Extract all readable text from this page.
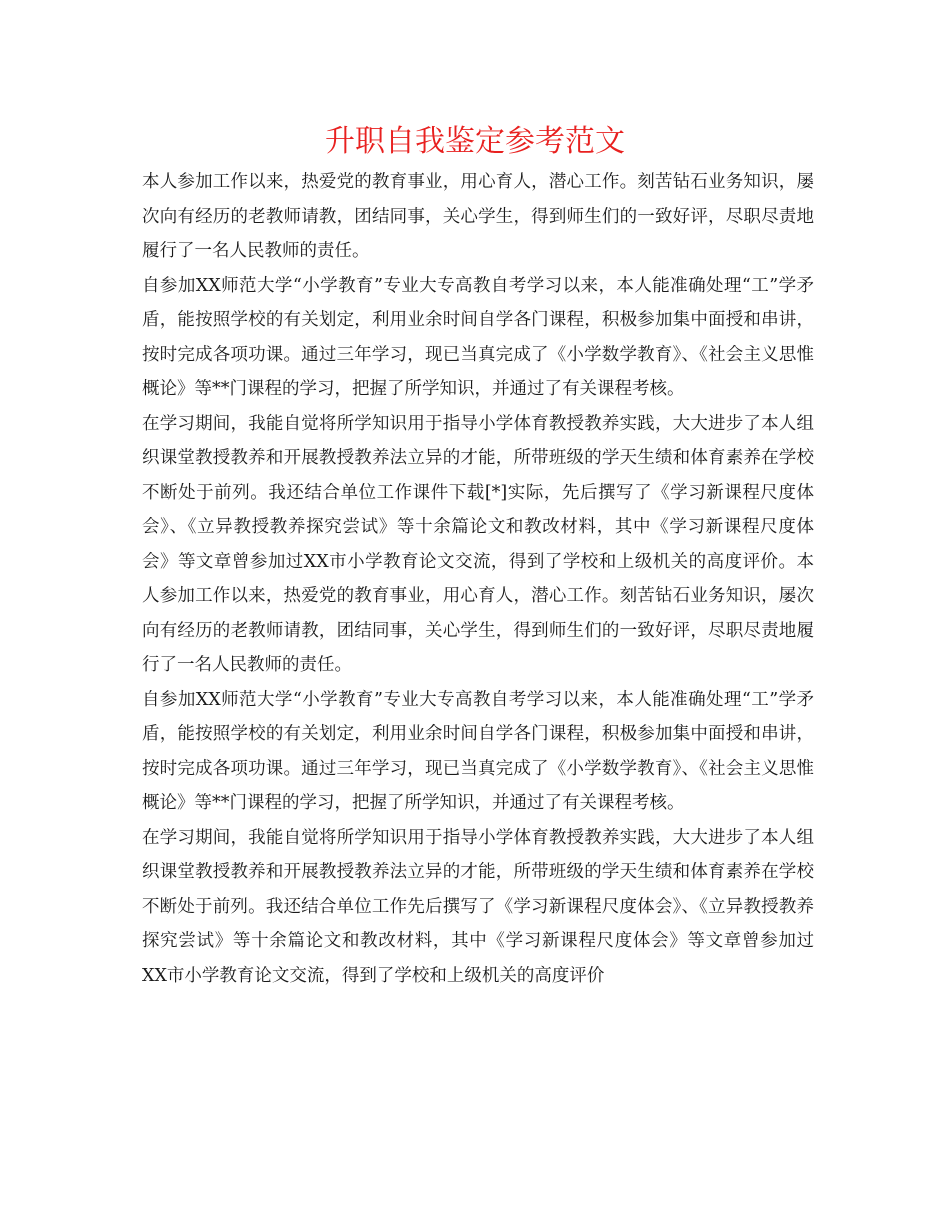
升职自我鉴定参考范文

本人参加工作以来，热爱党的教育事业，用心育人，潜心工作。刻苦钻石业务知识，屡次向有经历的老教师请教，团结同事，关心学生，得到师生们的一致好评，尽职尽责地履行了一名人民教师的责任。

自参加XX师范大学“小学教育”专业大专高教自考学习以来，本人能准确处理“工”学矛盾，能按照学校的有关划定，利用业余时间自学各门课程，积极参加集中面授和串讲，按时完成各项功课。通过三年学习，现已当真完成了《小学数学教育》、《社会主义思惟概论》等**门课程的学习，把握了所学知识，并通过了有关课程考核。

在学习期间，我能自觉将所学知识用于指导小学体育教授教养实践，大大进步了本人组织课堂教授教养和开展教授教养法立异的才能，所带班级的学天生绩和体育素养在学校不断处于前列。我还结合单位工作课件下载[*]实际，先后撰写了《学习新课程尺度体会》、《立异教授教养探究尝试》等十余篇论文和教改材料，其中《学习新课程尺度体会》等文章曾参加过XX市小学教育论文交流，得到了学校和上级机关的高度评价。本人参加工作以来，热爱党的教育事业，用心育人，潜心工作。刻苦钻石业务知识，屡次向有经历的老教师请教，团结同事，关心学生，得到师生们的一致好评，尽职尽责地履行了一名人民教师的责任。

自参加XX师范大学“小学教育”专业大专高教自考学习以来，本人能准确处理“工”学矛盾，能按照学校的有关划定，利用业余时间自学各门课程，积极参加集中面授和串讲，按时完成各项功课。通过三年学习，现已当真完成了《小学数学教育》、《社会主义思惟概论》等**门课程的学习，把握了所学知识，并通过了有关课程考核。

在学习期间，我能自觉将所学知识用于指导小学体育教授教养实践，大大进步了本人组织课堂教授教养和开展教授教养法立异的才能，所带班级的学天生绩和体育素养在学校不断处于前列。我还结合单位工作先后撰写了《学习新课程尺度体会》、《立异教授教养探究尝试》等十余篇论文和教改材料，其中《学习新课程尺度体会》等文章曾参加过XX市小学教育论文交流，得到了学校和上级机关的高度评价
